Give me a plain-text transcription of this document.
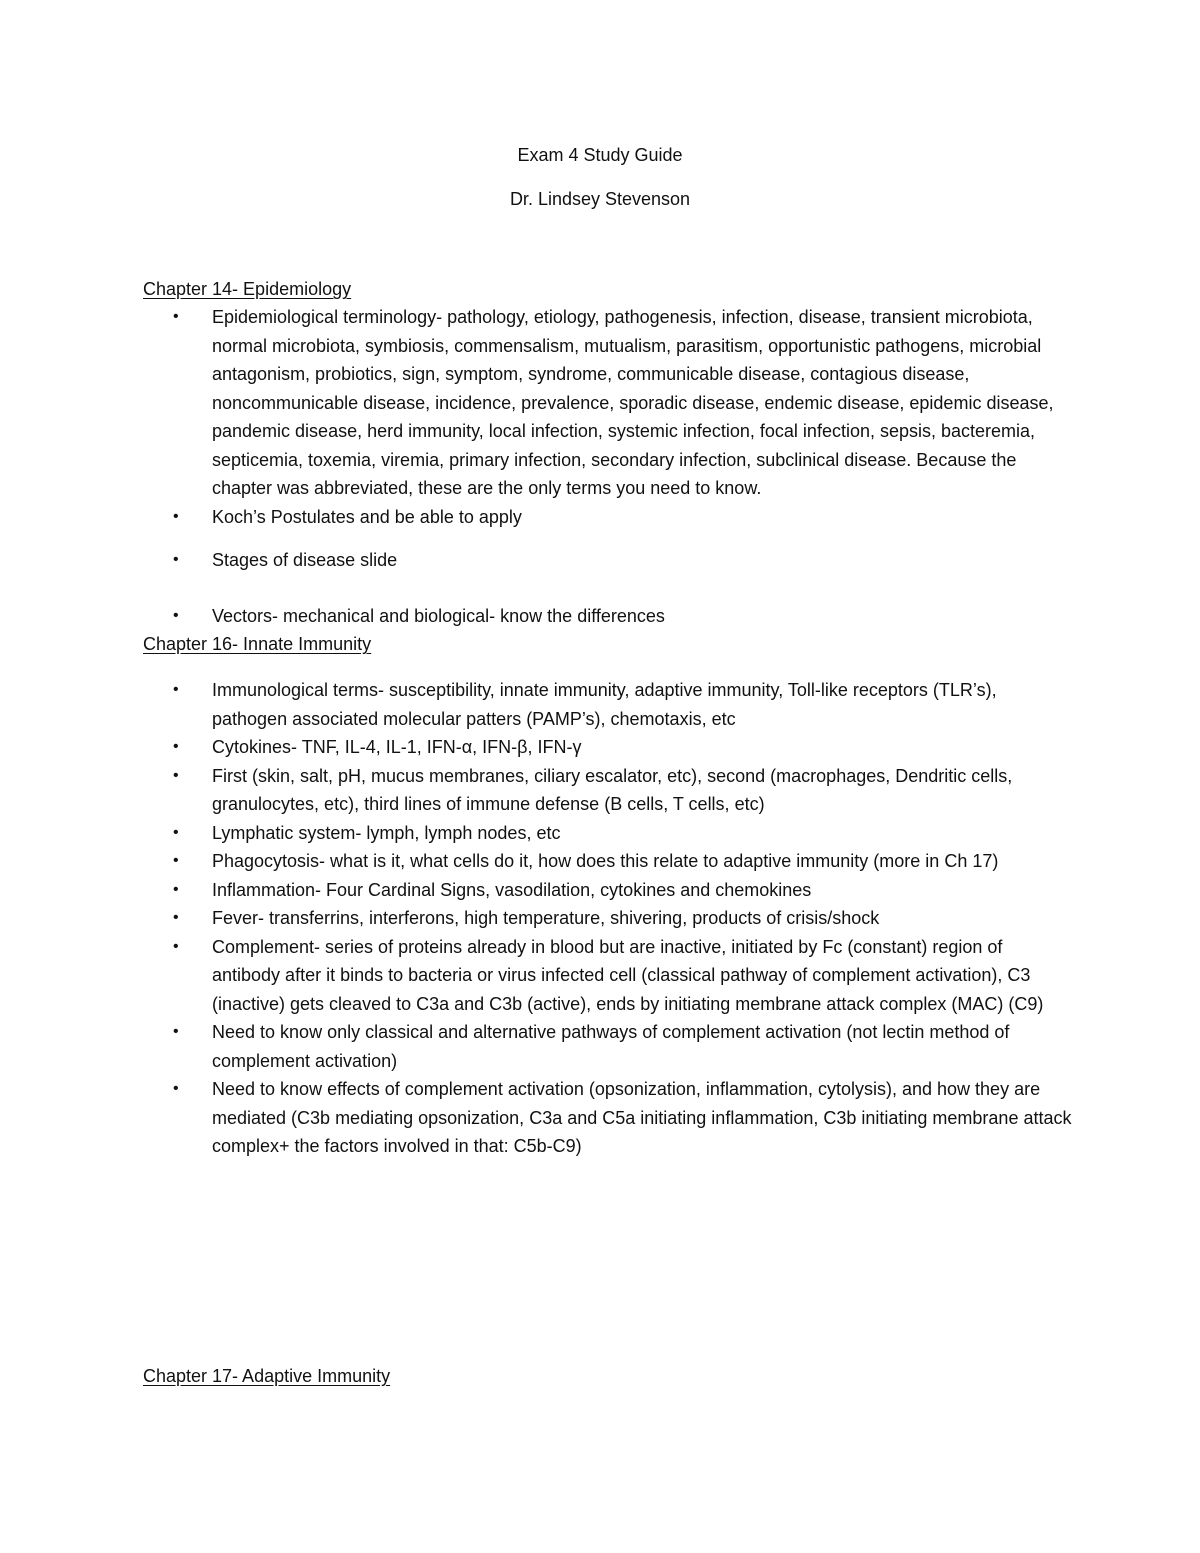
Exam 4 Study Guide
Dr. Lindsey Stevenson
Chapter 14- Epidemiology
• Epidemiological terminology- pathology, etiology, pathogenesis, infection, disease, transient microbiota, normal microbiota, symbiosis, commensalism, mutualism, parasitism, opportunistic pathogens, microbial antagonism, probiotics, sign, symptom, syndrome, communicable disease, contagious disease, noncommunicable disease, incidence, prevalence, sporadic disease, endemic disease, epidemic disease, pandemic disease, herd immunity, local infection, systemic infection, focal infection, sepsis, bacteremia, septicemia, toxemia, viremia, primary infection, secondary infection, subclinical disease. Because the chapter was abbreviated, these are the only terms you need to know.
• Koch’s Postulates and be able to apply
• Stages of disease slide
• Vectors- mechanical and biological- know the differences
Chapter 16- Innate Immunity
• Immunological terms- susceptibility, innate immunity, adaptive immunity, Toll-like receptors (TLR’s), pathogen associated molecular patters (PAMP’s), chemotaxis, etc
• Cytokines- TNF, IL-4, IL-1, IFN-α, IFN-β, IFN-γ
• First (skin, salt, pH, mucus membranes, ciliary escalator, etc), second (macrophages, Dendritic cells, granulocytes, etc), third lines of immune defense (B cells, T cells, etc)
• Lymphatic system- lymph, lymph nodes, etc
• Phagocytosis- what is it, what cells do it, how does this relate to adaptive immunity (more in Ch 17)
• Inflammation- Four Cardinal Signs, vasodilation, cytokines and chemokines
• Fever- transferrins, interferons, high temperature, shivering, products of crisis/shock
• Complement- series of proteins already in blood but are inactive, initiated by Fc (constant) region of antibody after it binds to bacteria or virus infected cell (classical pathway of complement activation), C3 (inactive) gets cleaved to C3a and C3b (active), ends by initiating membrane attack complex (MAC) (C9)
• Need to know only classical and alternative pathways of complement activation (not lectin method of complement activation)
• Need to know effects of complement activation (opsonization, inflammation, cytolysis), and how they are mediated (C3b mediating opsonization, C3a and C5a initiating inflammation, C3b initiating membrane attack complex+ the factors involved in that: C5b-C9)
Chapter 17- Adaptive Immunity
